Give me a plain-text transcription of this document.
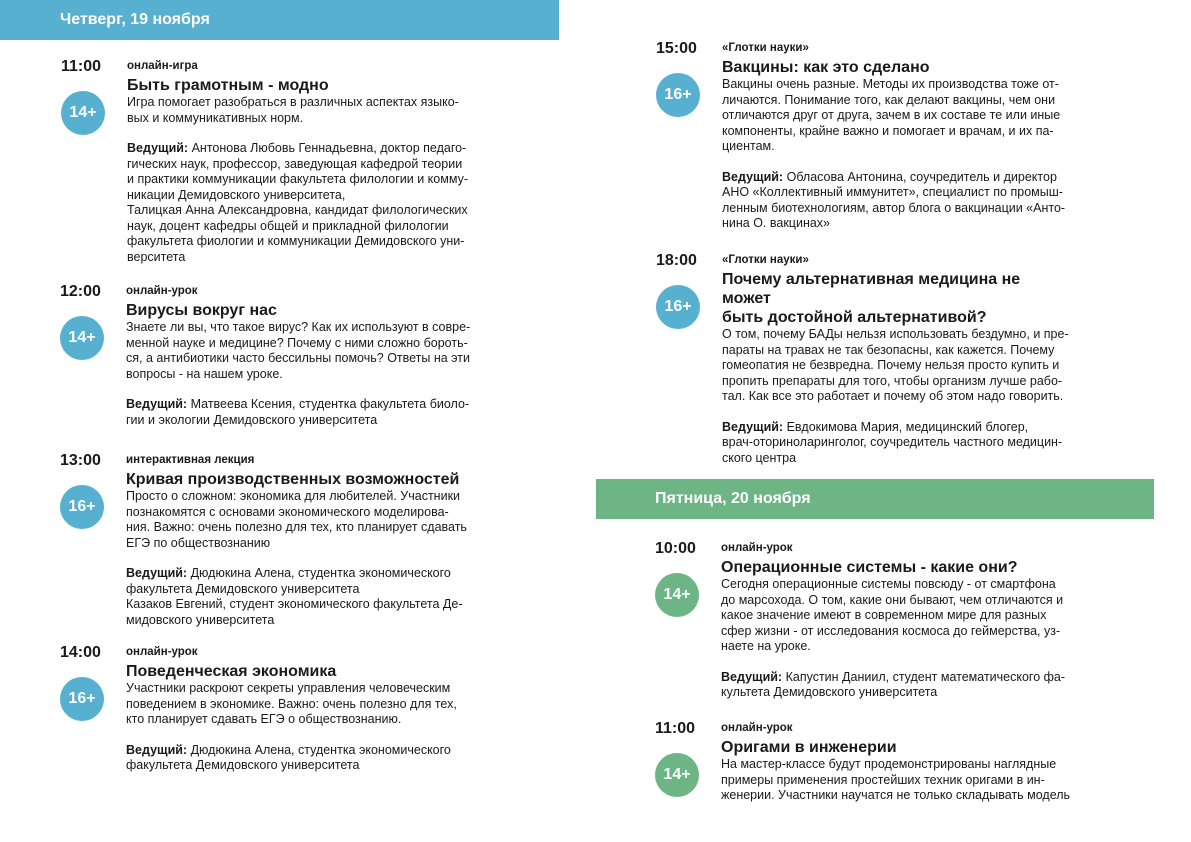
Четверг, 19 ноября
Пятница, 20 ноября
11:00
14+
онлайн-игра
Быть грамотным - модно
Игра помогает разобраться в различных аспектах языко-
вых и коммуникативных норм.
Ведущий: Антонова Любовь Геннадьевна, доктор педаго-
гических наук, профессор, заведующая кафедрой теории
и практики коммуникации факультета филологии и комму-
никации Демидовского университета,
Талицкая Анна Александровна, кандидат филологических
наук, доцент кафедры общей и прикладной филологии
факультета фиологии и коммуникации Демидовского уни-
верситета
12:00
14+
онлайн-урок
Вирусы вокруг нас
Знаете ли вы, что такое вирус? Как их используют в совре-
менной науке и медицине? Почему с ними сложно бороть-
ся, а антибиотики часто бессильны помочь? Ответы на эти
вопросы - на нашем уроке.
Ведущий: Матвеева Ксения, студентка факультета биоло-
гии и экологии Демидовского университета
13:00
16+
интерактивная лекция
Кривая производственных возможностей
Просто о сложном: экономика для любителей. Участники
познакомятся с основами экономического моделирова-
ния. Важно: очень полезно для тех, кто планирует сдавать
ЕГЭ по обществознанию
Ведущий: Дюдюкина Алена, студентка экономического
факультета Демидовского университета
Казаков Евгений, студент экономического факультета Де-
мидовского университета
14:00
16+
онлайн-урок
Поведенческая экономика
Участники раскроют секреты управления человеческим
поведением в экономике. Важно: очень полезно для тех,
кто планирует сдавать ЕГЭ о обществознанию.
Ведущий: Дюдюкина Алена, студентка экономического
факультета Демидовского университета
15:00
16+
«Глотки науки»
Вакцины: как это сделано
Вакцины очень разные. Методы их производства тоже от-
личаются. Понимание того, как делают вакцины, чем они
отличаются друг от друга, зачем в их составе те или иные
компоненты, крайне важно и помогает и врачам, и их па-
циентам.
Ведущий: Обласова Антонина, соучредитель и директор
АНО «Коллективный иммунитет», специалист по промыш-
ленным биотехнологиям, автор блога о вакцинации «Анто-
нина О. вакцинах»
18:00
16+
«Глотки науки»
Почему альтернативная медицина не может
быть достойной альтернативой?
О том, почему БАДы нельзя использовать бездумно, и пре-
параты на травах не так безопасны, как кажется. Почему
гомеопатия не безвредна. Почему нельзя просто купить и
пропить препараты для того, чтобы организм лучше рабо-
тал. Как все это работает и почему об этом надо говорить.
Ведущий: Евдокимова Мария, медицинский блогер,
врач-оториноларинголог, соучредитель частного медицин-
ского центра
10:00
14+
онлайн-урок
Операционные системы - какие они?
Сегодня операционные системы повсюду - от смартфона
до марсохода. О том, какие они бывают, чем отличаются и
какое значение имеют в современном мире для разных
сфер жизни - от исследования космоса до геймерства, уз-
наете на уроке.
Ведущий: Капустин Даниил, студент математического фа-
культета Демидовского университета
11:00
14+
онлайн-урок
Оригами в инженерии
На мастер-классе будут продемонстрированы наглядные
примеры применения простейших техник оригами в ин-
женерии. Участники научатся не только складывать модель
